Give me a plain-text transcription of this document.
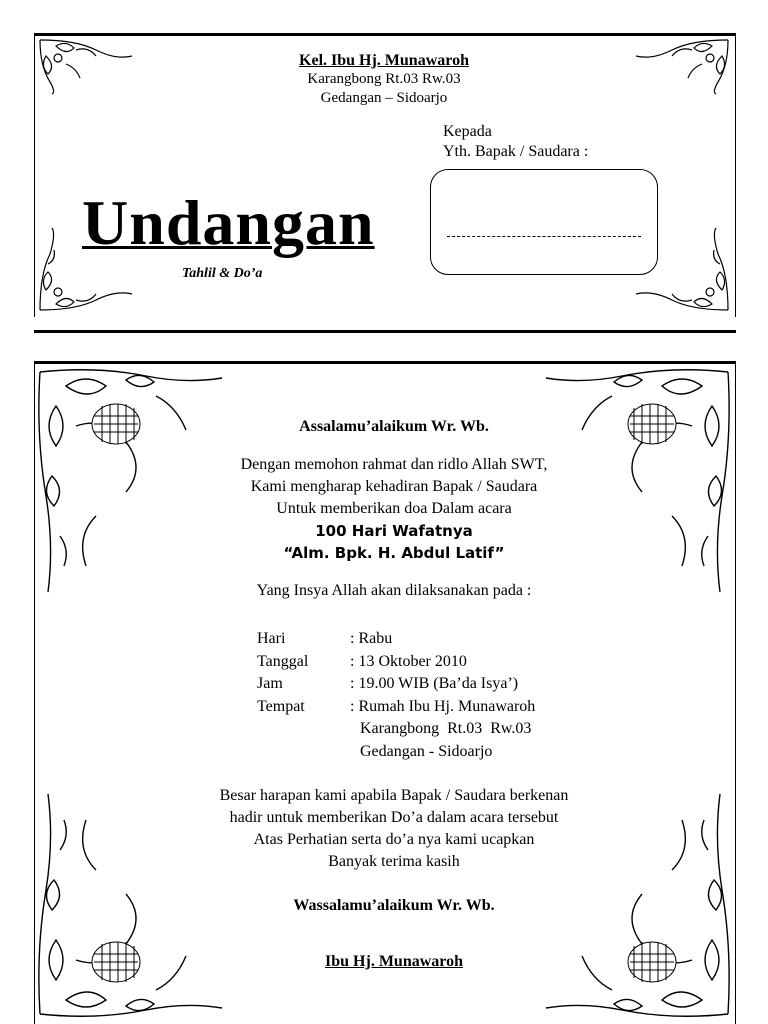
Kel. Ibu Hj. Munawaroh
Karangbong Rt.03 Rw.03
Gedangan – Sidoarjo
Kepada
Yth. Bapak / Saudara :
Undangan
Tahlil & Do’a
Assalamu’alaikum Wr. Wb.
Dengan memohon rahmat dan ridlo Allah SWT,
Kami mengharap kehadiran Bapak / Saudara
Untuk memberikan doa Dalam acara
100 Hari Wafatnya
“Alm. Bpk. H. Abdul Latif”
Yang Insya Allah akan dilaksanakan pada :
Hari	: Rabu
Tanggal	: 13 Oktober 2010
Jam	: 19.00 WIB (Ba’da Isya’)
Tempat	: Rumah Ibu Hj. Munawaroh
Karangbong  Rt.03  Rw.03
Gedangan - Sidoarjo
Besar harapan kami apabila Bapak / Saudara berkenan
hadir untuk memberikan Do’a dalam acara tersebut
Atas Perhatian serta do’a nya kami ucapkan
Banyak terima kasih
Wassalamu’alaikum Wr. Wb.
Ibu Hj. Munawaroh
